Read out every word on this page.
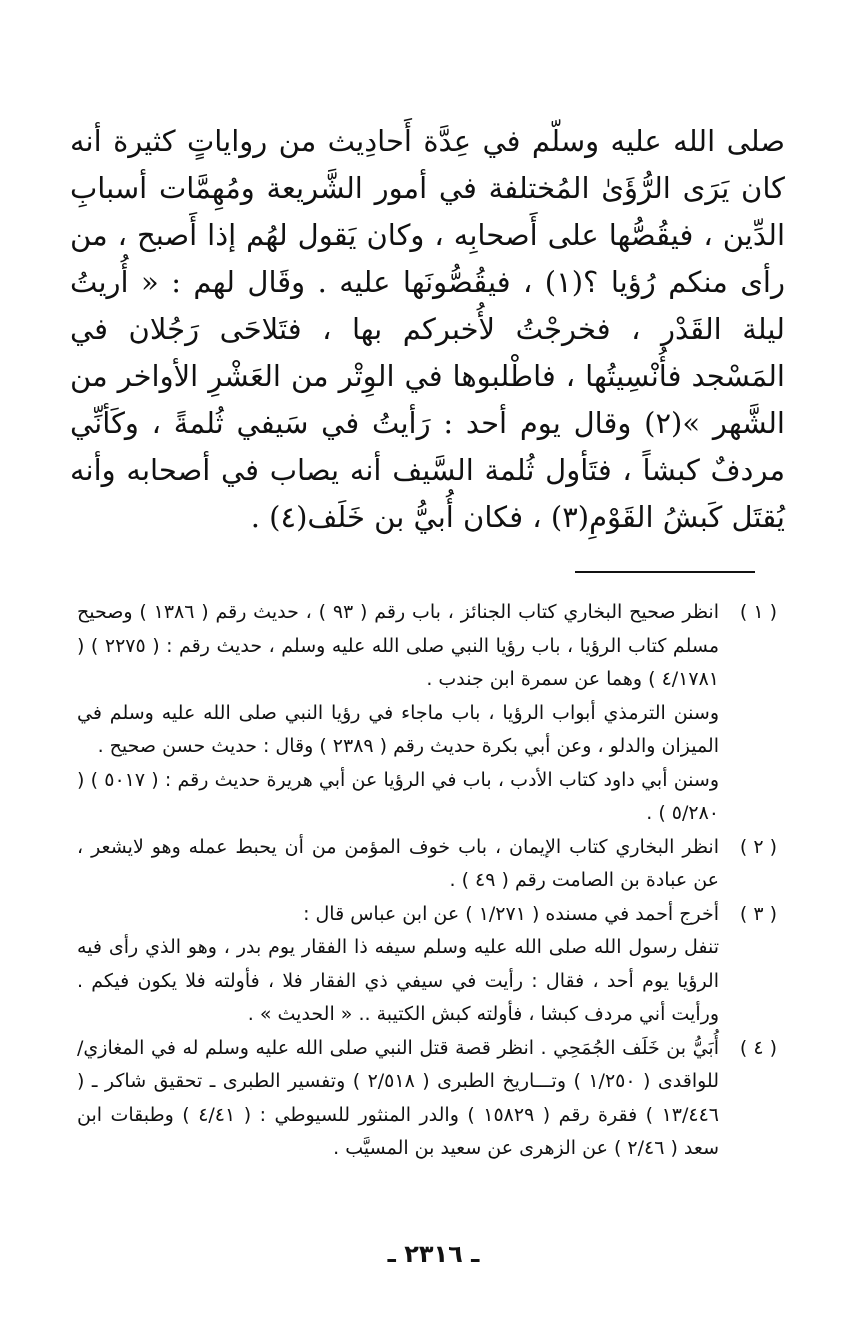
صلى الله عليه وسلّم في عِدَّة أَحادِيث من رواياتٍ كثيرة أنه كان يَرَى الرُّؤَىٰ المُختلفة في أمور الشَّريعة ومُهِمَّات أسبابِ الدِّين ، فيقُصُّها على أَصحابِه ، وكان يَقول لهُم إذا أَصبح ، من رأى منكم رُؤيا ؟(١) ، فيقُصُّونَها عليه . وقَال لهم : « أُريتُ ليلة القَدْر ، فخرجْتُ لأُخبركم بها ، فتَلاحَى رَجُلان في المَسْجد فأُنْسِيتُها ، فاطْلبوها في الوِتْر من العَشْرِ الأواخر من الشَّهر »(٢) وقال يوم أحد : رَأيتُ في سَيفي ثُلمةً ، وكَأنِّي مردفٌ كبشاً ، فتَأول ثُلمة السَّيف أنه يصاب في أصحابه وأنه يُقتَل كَبشُ القَوْمِ(٣) ، فكان أُبيُّ بن خَلَف(٤) .

( ١ )

انظر صحيح البخاري كتاب الجنائز ، باب رقم ( ٩٣ ) ، حديث رقم ( ١٣٨٦ ) وصحيح مسلم كتاب الرؤيا ، باب رؤيا النبي صلى الله عليه وسلم ، حديث رقم : ( ٢٢٧٥ ) ( ٤/١٧٨١ ) وهما عن سمرة ابن جندب .

وسنن الترمذي أبواب الرؤيا ، باب ماجاء في رؤيا النبي صلى الله عليه وسلم في الميزان والدلو ، وعن أبي بكرة حديث رقم ( ٢٣٨٩ ) وقال : حديث حسن صحيح .

وسنن أبي داود كتاب الأدب ، باب في الرؤيا عن أبي هريرة حديث رقم : ( ٥٠١٧ ) ( ٥/٢٨٠ ) .

( ٢ )

انظر البخاري كتاب الإيمان ، باب خوف المؤمن من أن يحبط عمله وهو لايشعر ، عن عبادة بن الصامت رقم ( ٤٩ ) .

( ٣ )

أخرج أحمد في مسنده ( ١/٢٧١ ) عن ابن عباس قال :

تنفل رسول الله صلى الله عليه وسلم سيفه ذا الفقار يوم بدر ، وهو الذي رأى فيه الرؤيا يوم أحد ، فقال : رأيت في سيفي ذي الفقار فلا ، فأولته فلا يكون فيكم . ورأيت أني مردف كبشا ، فأولته كبش الكتيبة .. « الحديث » .

( ٤ )

أُبَيُّ بن خَلَف الجُمَحِي . انظر قصة قتل النبي صلى الله عليه وسلم له في المغازي/ للواقدى ( ١/٢٥٠ ) وتـــاريخ الطبرى ( ٢/٥١٨ ) وتفسير الطبرى ـ تحقيق شاكر ـ ( ١٣/٤٤٦ ) فقرة رقم ( ١٥٨٢٩ ) والدر المنثور للسيوطي : ( ٤/٤١ ) وطبقات ابن سعد ( ٢/٤٦ ) عن الزهرى عن سعيد بن المسيَّب .

ـ ٢٣١٦ ـ
